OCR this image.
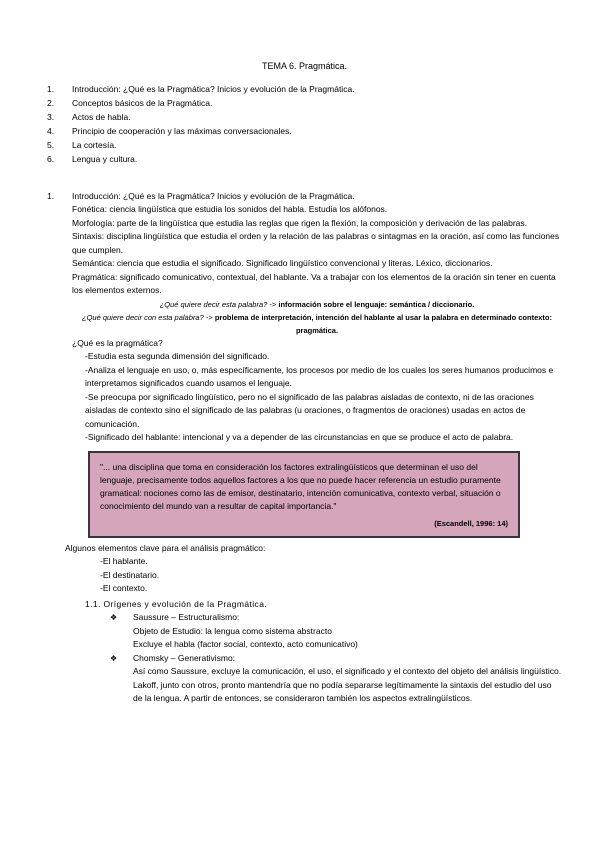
TEMA 6. Pragmática.
1.	Introducción: ¿Qué es la Pragmática? Inicios y evolución de la Pragmática.
2.	Conceptos básicos de la Pragmática.
3.	Actos de habla.
4.	Principio de cooperación y las máximas conversacionales.
5.	La cortesía.
6.	Lengua y cultura.
1.	Introducción: ¿Qué es la Pragmática? Inicios y evolución de la Pragmática.

Fonética: ciencia lingüística que estudia los sonidos del habla. Estudia los alófonos.

Morfología: parte de la lingüística que estudia las reglas que rigen la flexión, la composición y derivación de las palabras.

Sintaxis: disciplina lingüística que estudia el orden y la relación de las palabras o sintagmas en la oración, así como las funciones que cumplen.

Semántica: ciencia que estudia el significado. Significado lingüístico convencional y literas. Léxico, diccionarios.

Pragmática: significado comunicativo, contextual, del hablante. Va a trabajar con los elementos de la oración sin tener en cuenta los elementos externos.

¿Qué quiere decir esta palabra? -> información sobre el lenguaje: semántica / diccionario.

¿Qué quiere decir con esta palabra? -> problema de interpretación, intención del hablante al usar la palabra en determinado contexto: pragmática.

¿Qué es la pragmática?

-Estudia esta segunda dimensión del significado.

-Analiza el lenguaje en uso, o, más específicamente, los procesos por medio de los cuales los seres humanos producimos e interpretamos significados cuando usamos el lenguaje.

-Se preocupa por significado lingüístico, pero no el significado de las palabras aisladas de contexto, ni de las oraciones aisladas de contexto sino el significado de las palabras (u oraciones, o fragmentos de oraciones) usadas en actos de comunicación.

-Significado del hablante: intencional y va a depender de las circunstancias en que se produce el acto de palabra.

"... una disciplina que toma en consideración los factores extralingüísticos que determinan el uso del lenguaje, precisamente todos aquellos factores a los que no puede hacer referencia un estudio puramente gramatical: nociones como las de emisor, destinatario, intención comunicativa, contexto verbal, situación o conocimiento del mundo van a resultar de capital importancia."

(Escandell, 1996: 14)

Algunos elementos clave para el análisis pragmático:

-El hablante.

-El destinatario.

-El contexto.

1.1. Orígenes y evolución de la Pragmática.

❖	Saussure – Estructuralismo:

Objeto de Estudio: la lengua como sistema abstracto

Excluye el habla (factor social, contexto, acto comunicativo)

❖	Chomsky – Generativismo:

Así como Saussure, excluye la comunicación, el uso, el significado y el contexto del objeto del análisis lingüístico.

Lakoff, junto con otros, pronto mantendría que no podía separarse legítimamente la sintaxis del estudio del uso de la lengua. A partir de entonces, se consideraron también los aspectos extralingüísticos.
